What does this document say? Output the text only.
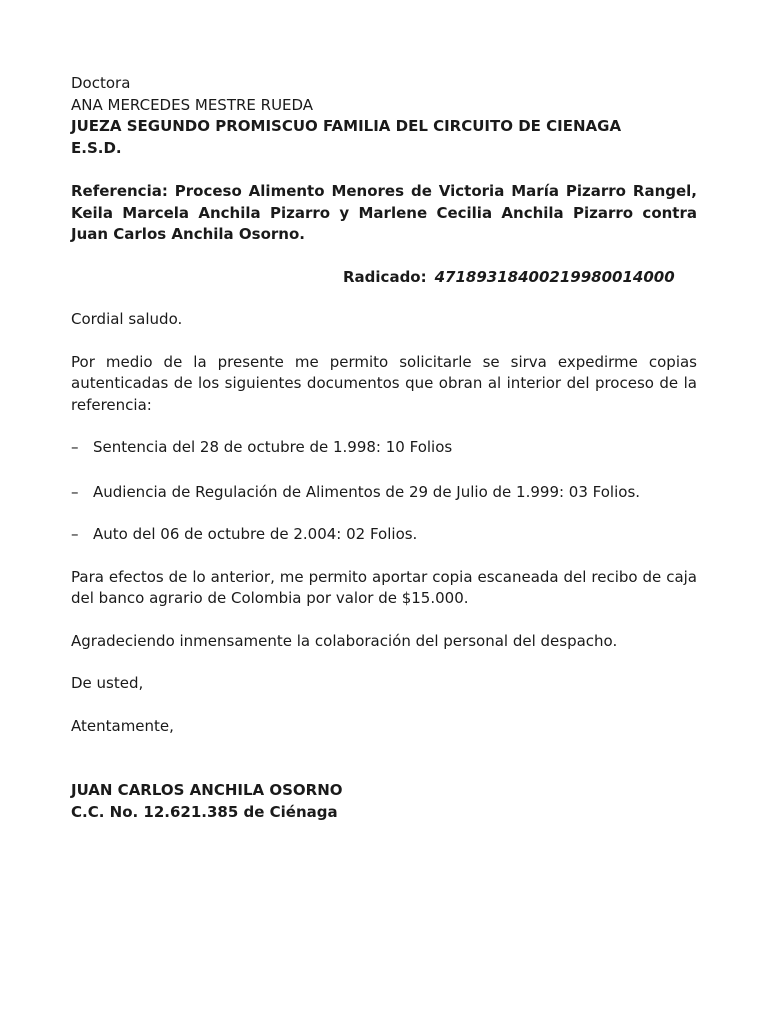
Doctora
ANA MERCEDES MESTRE RUEDA
JUEZA SEGUNDO PROMISCUO FAMILIA DEL CIRCUITO DE CIENAGA
E.S.D.
Referencia: Proceso Alimento Menores de Victoria María Pizarro Rangel, Keila Marcela Anchila Pizarro y Marlene Cecilia Anchila Pizarro contra Juan Carlos Anchila Osorno.
Radicado: 47189318400219980014000
Cordial saludo.
Por medio de la presente me permito solicitarle se sirva expedirme copias autenticadas de los siguientes documentos que obran al interior del proceso de la referencia:
– Sentencia del 28 de octubre de 1.998: 10 Folios
– Audiencia de Regulación de Alimentos de 29 de Julio de 1.999: 03 Folios.
– Auto del 06 de octubre de 2.004: 02 Folios.
Para efectos de lo anterior, me permito aportar copia escaneada del recibo de caja del banco agrario de Colombia por valor de $15.000.
Agradeciendo inmensamente la colaboración del personal del despacho.
De usted,
Atentamente,
JUAN CARLOS ANCHILA OSORNO
C.C. No. 12.621.385 de Ciénaga
